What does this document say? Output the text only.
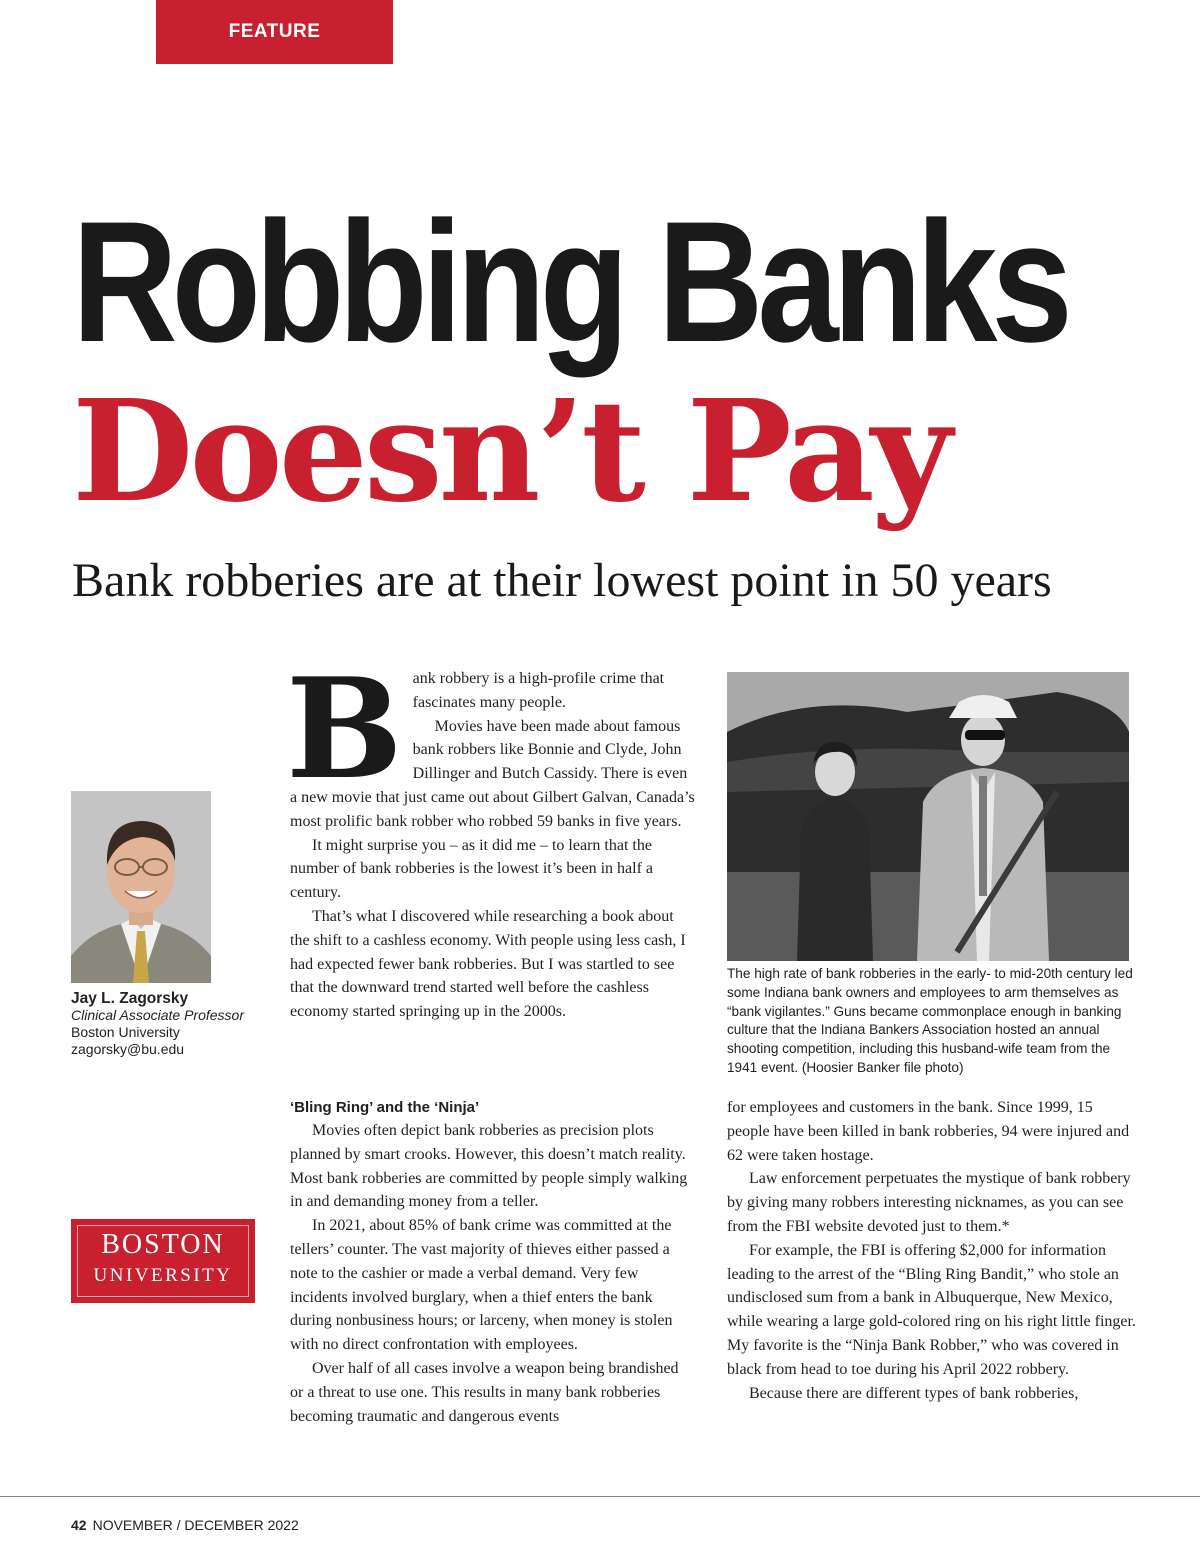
FEATURE
Robbing Banks
Doesn’t Pay
Bank robberies are at their lowest point in 50 years
Jay L. Zagorsky
Clinical Associate Professor
Boston University
zagorsky@bu.edu
BOSTON
UNIVERSITY

Bank robbery is a high-profile crime that fascinates many people.

Movies have been made about famous bank robbers like Bonnie and Clyde, John Dillinger and Butch Cassidy. There is even a new movie that just came out about Gilbert Galvan, Canada’s most prolific bank robber who robbed 59 banks in five years.

It might surprise you – as it did me – to learn that the number of bank robberies is the lowest it’s been in half a century.

That’s what I discovered while researching a book about the shift to a cashless economy. With people using less cash, I had expected fewer bank robberies. But I was startled to see that the downward trend started well before the cashless economy started springing up in the 2000s.

‘Bling Ring’ and the ‘Ninja’

Movies often depict bank robberies as precision plots planned by smart crooks. However, this doesn’t match reality. Most bank robberies are committed by people simply walking in and demanding money from a teller.

In 2021, about 85% of bank crime was committed at the tellers’ counter. The vast majority of thieves either passed a note to the cashier or made a verbal demand. Very few incidents involved burglary, when a thief enters the bank during nonbusiness hours; or larceny, when money is stolen with no direct confrontation with employees.

Over half of all cases involve a weapon being brandished or a threat to use one. This results in many bank robberies becoming traumatic and dangerous events

The high rate of bank robberies in the early- to mid-20th century led some Indiana bank owners and employees to arm themselves as “bank vigilantes.” Guns became commonplace enough in banking culture that the Indiana Bankers Association hosted an annual shooting competition, including this husband-wife team from the 1941 event. (Hoosier Banker file photo)

for employees and customers in the bank. Since 1999, 15 people have been killed in bank robberies, 94 were injured and 62 were taken hostage.

Law enforcement perpetuates the mystique of bank robbery by giving many robbers interesting nicknames, as you can see from the FBI website devoted just to them.*

For example, the FBI is offering $2,000 for information leading to the arrest of the “Bling Ring Bandit,” who stole an undisclosed sum from a bank in Albuquerque, New Mexico, while wearing a large gold-colored ring on his right little finger. My favorite is the “Ninja Bank Robber,” who was covered in black from head to toe during his April 2022 robbery.

Because there are different types of bank robberies,

42 NOVEMBER / DECEMBER 2022
